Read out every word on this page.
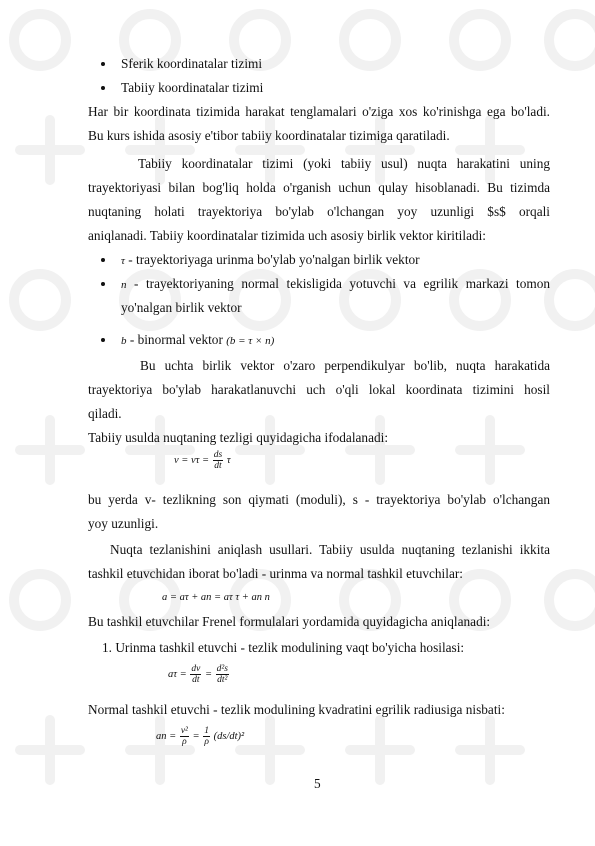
Sferik koordinatalar tizimi
Tabiiy koordinatalar tizimi
Har bir koordinata tizimida harakat tenglamalari o'ziga xos ko'rinishga ega bo'ladi.
Bu kurs ishida asosiy e'tibor tabiiy koordinatalar tizimiga qaratiladi.
Tabiiy koordinatalar tizimi (yoki tabiiy usul) nuqta harakatini uning
trayektoriyasi bilan bog'liq holda o'rganish uchun qulay hisoblanadi. Bu tizimda
nuqtaning holati trayektoriya bo'ylab o'lchangan yoy uzunligi $s$ orqali
aniqlanadi. Tabiiy koordinatalar tizimida uch asosiy birlik vektor kiritiladi:
τ - trayektoriyaga urinma bo'ylab yo'nalgan birlik vektor
n - trayektoriyaning normal tekisligida yotuvchi va egrilik markazi tomon
yo'nalgan birlik vektor
b - binormal vektor (b = τ × n)
Bu uchta birlik vektor o'zaro perpendikulyar bo'lib, nuqta harakatida
trayektoriya bo'ylab harakatlanuvchi uch o'qli lokal koordinata tizimini hosil
qiladi.
Tabiiy usulda nuqtaning tezligi quyidagicha ifodalanadi:
$v = v\tau = \frac{ds}{dt}$ τ
bu yerda v- tezlikning son qiymati (moduli), s - trayektoriya bo'ylab o'lchangan
yoy uzunligi.
Nuqta tezlanishini aniqlash usullari. Tabiiy usulda nuqtaning tezlanishi ikkita
tashkil etuvchidan iborat bo'ladi - urinma va normal tashkil etuvchilar:
a = aτ + an = aτ τ + an n
Bu tashkil etuvchilar Frenel formulalari yordamida quyidagicha aniqlanadi:
1. Urinma tashkil etuvchi - tezlik modulining vaqt bo'yicha hosilasi:
$a\tau = \frac{dv}{dt} = \frac{\text{d²s}}{\text{dt²}}$
Normal tashkil etuvchi - tezlik modulining kvadratini egrilik radiusiga nisbati:
an = $\frac{\text{v²}}{\rho} = \frac{1}{\rho} (ds/dt)^2$
5
